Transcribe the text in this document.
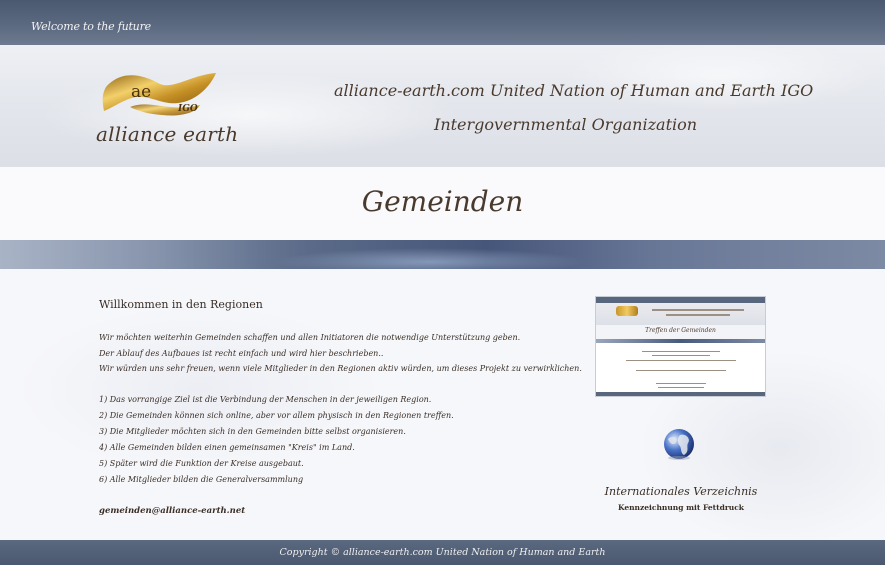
Welcome to the future
ae
IGO
alliance earth
alliance-earth.com United Nation of Human and Earth IGO
Intergovernmental Organization
Gemeinden
Willkommen in den Regionen
Wir möchten weiterhin Gemeinden schaffen und allen Initiatoren die notwendige Unterstützung geben.
Der Ablauf des Aufbaues ist recht einfach und wird hier beschrieben..
Wir würden uns sehr freuen, wenn viele Mitglieder in den Regionen aktiv würden, um dieses Projekt zu verwirklichen.
1) Das vorrangige Ziel ist die Verbindung der Menschen in der jeweiligen Region.
2) Die Gemeinden können sich online, aber vor allem physisch in den Regionen treffen.
3) Die Mitglieder möchten sich in den Gemeinden bitte selbst organisieren.
4) Alle Gemeinden bilden einen gemeinsamen "Kreis" im Land.
5) Später wird die Funktion der Kreise ausgebaut.
6) Alle Mitglieder bilden die Generalversammlung
gemeinden@alliance-earth.net
Treffen der Gemeinden
Internationales Verzeichnis
Kennzeichnung mit Fettdruck
Copyright © alliance-earth.com United Nation of Human and Earth
